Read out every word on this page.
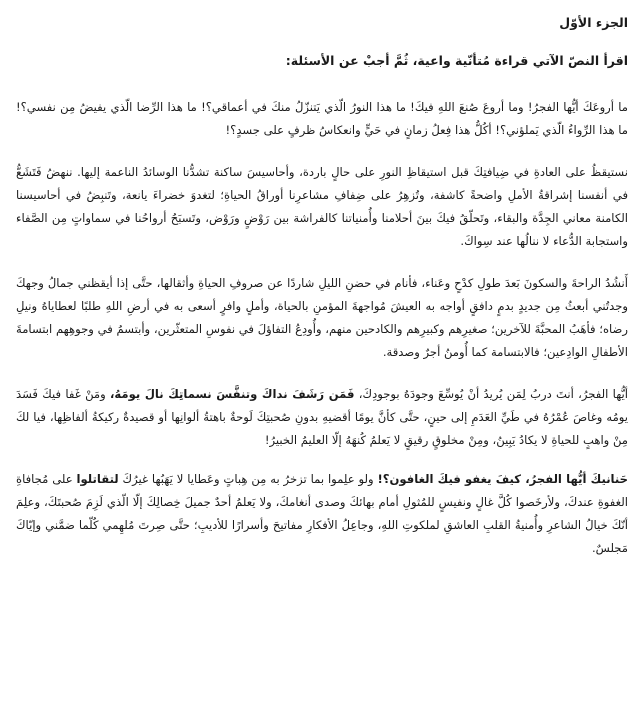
الجزء الأوّل
اقرأ النصّ الآتي قراءة مُتأنّية واعية، ثُمَّ أجبْ عن الأسئلة:

ما أروعَكَ أيُّها الفجرُ! وما أروعَ صُنعَ اللهِ فيكَ! ما هذا النورُ الّذي يَتنزّلُ منكَ في أعماقي؟! ما هذا الرِّضا الّذي يفيضُ مِن نفسي؟! ما هذا الرِّواءُ الّذي يَملؤني؟! أكُلُّ هذا فِعلُ زمانٍ في حَيٍّ وانعكاسُ ظرفٍ على جسدٍ؟!

نستيقظُ على العادةِ في ضِيافتِكَ قبل استيقاظِ النورِ على حالٍ باردة، وأحاسيسَ ساكنة تشدُّنا الوسائدُ الناعمة إليها. ننهضُ فَتَشَعُّ في أنفسنا إشراقةُ الأملِ واضحةً كاشفة، وتُزهِرُ على ضِفافِ مشاعرِنا أوراقُ الحياةِ؛ لتغدوَ خضراءَ يانعة، وتَنبِضُ في أحاسيسنا الكامنة معاني الجِدَّة والبقاء، وتَحلّقُ فيكَ بينَ أحلامنا وأُمنياتنا كالفراشة بين رَوْضٍ ورَوْض، وتَسبَحُ أرواحُنا في سماواتٍ مِن الصَّفاء واستجابة الدُّعاء لا ننالُها عند سِواكَ.

أَنشُدُ الراحةَ والسكونَ بَعدَ طولِ كدْحٍ وعَناء، فأنام في حضنِ الليلِ شاردًا عن صروفِ الحياةِ وأثقالها، حتَّى إذا أيقظني جمالُ وجهكَ وجدتُني أبعثُ مِن جديدٍ بدمٍ دافقٍ أواجه به العيشَ مُواجهةَ المؤمنِ بالحياة، وأملٍ وافرٍ أسعى به في أرضِ اللهِ طلبًا لعطاياهُ ونيلِ رضاه؛ فأهَبُ المحبَّةَ للآخرين؛ صغيرِهم وكبيرِهم والكادحين منهم، وأُودِعُ التفاؤلَ في نفوسِ المتعثّرين، وأبتسمُ في وجوهِهم ابتسامةَ الأطفالِ الوادِعين؛ فالابتسامة كما أُومنُ أجرٌ وصدقة.

أيُّها الفجرُ، أنتَ دربُ لِمَن يُريدُ أنْ يُوسِّعَ وجودَهُ بوجودِكَ، فَمَن رَشَفَ نداكَ وتنفَّسَ نسماتِكَ نالَ يومَهُ، ومَنْ غَفا فيكَ فَسَدَ يومُه وغاصَ عُمْرُهُ في طَيِّ العَدَمِ إلى حينٍ، حتَّى كأنَّ يومًا أقضيهِ بدونِ صُحبتِكَ لَوحةٌ باهتةُ ألوانِها أو قصيدةٌ ركيكةُ ألفاظِها، فيا لكَ مِنْ واهبٍ للحياةِ لا يكادُ يَبِينُ، ومِنْ مخلوقٍ رقيقٍ لا يَعلمُ كُنهَهُ إلّا العليمُ الخبيرُ!

حَنانيكَ أيُّها الفجرُ، كيفَ يغفو فيكَ الغافون؟! ولو علِموا بما تزخرُ به مِن هِباتٍ وعَطايا لا يَهَبُها غيرُكَ لتقاتلوا على مُجافاةِ الغفوةِ عندكَ، ولأرخَصوا كُلَّ غالٍ ونفيسٍ للمُثولِ أمام بهائكَ وصدى أنغامكَ، ولا يَعلمُ أحدٌ جميلَ خِصالِكَ إلّا الّذي لَزِمَ صُحبتَكَ، وعلِمَ أنّكَ خيالُ الشاعرِ وأُمنيةُ القلبِ العاشقِ لملكوتِ اللهِ، وجاعِلُ الأفكارِ مفاتيحَ وأسرارًا للأديبِ؛ حتَّى صِرتَ مُلهِمي كُلّما ضمَّني وإيّاكَ مَجلسٌ.
